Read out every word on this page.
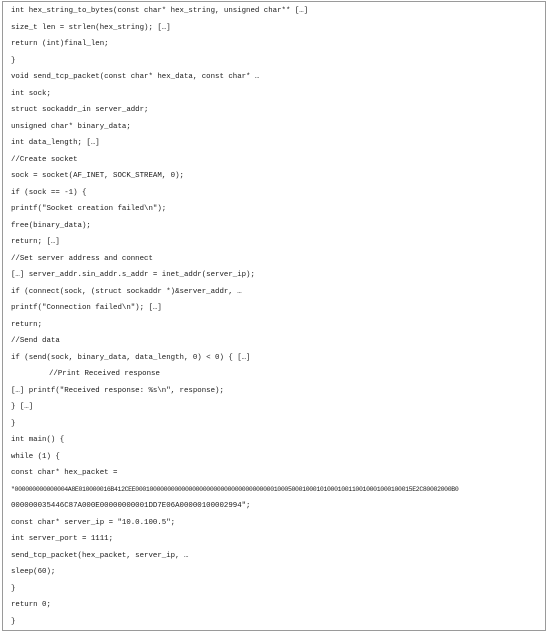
int hex_string_to_bytes(const char* hex_string, unsigned char** […]
size_t len = strlen(hex_string); […]
return (int)final_len;
}
void send_tcp_packet(const char* hex_data, const char* …
int sock;
struct sockaddr_in server_addr;
unsigned char* binary_data;
int data_length; […]
//Create socket
sock = socket(AF_INET, SOCK_STREAM, 0);
if (sock == -1) {
printf("Socket creation failed\n");
free(binary_data);
return; […]
//Set server address and connect
[…] server_addr.sin_addr.s_addr = inet_addr(server_ip);
if (connect(sock, (struct sockaddr *)&server_addr, …
printf("Connection failed\n"); […]
return;
//Send data
if (send(sock, binary_data, data_length, 0) < 0) { […]
//Print Received response
[…] printf("Received response: %s\n", response);
} […]
}
int main() {
while (1) {
const char* hex_packet =
"000000000000004A8E010000016B412CEE000100000000000000000000000000000000000100050001000101000100110010001000100015E2C80002000B0
000000035446C87A000E00000000001DD7E06A00000100002994";
const char* server_ip = "10.0.100.5";
int server_port = 1111;
send_tcp_packet(hex_packet, server_ip, …
sleep(60);
}
return 0;
}
